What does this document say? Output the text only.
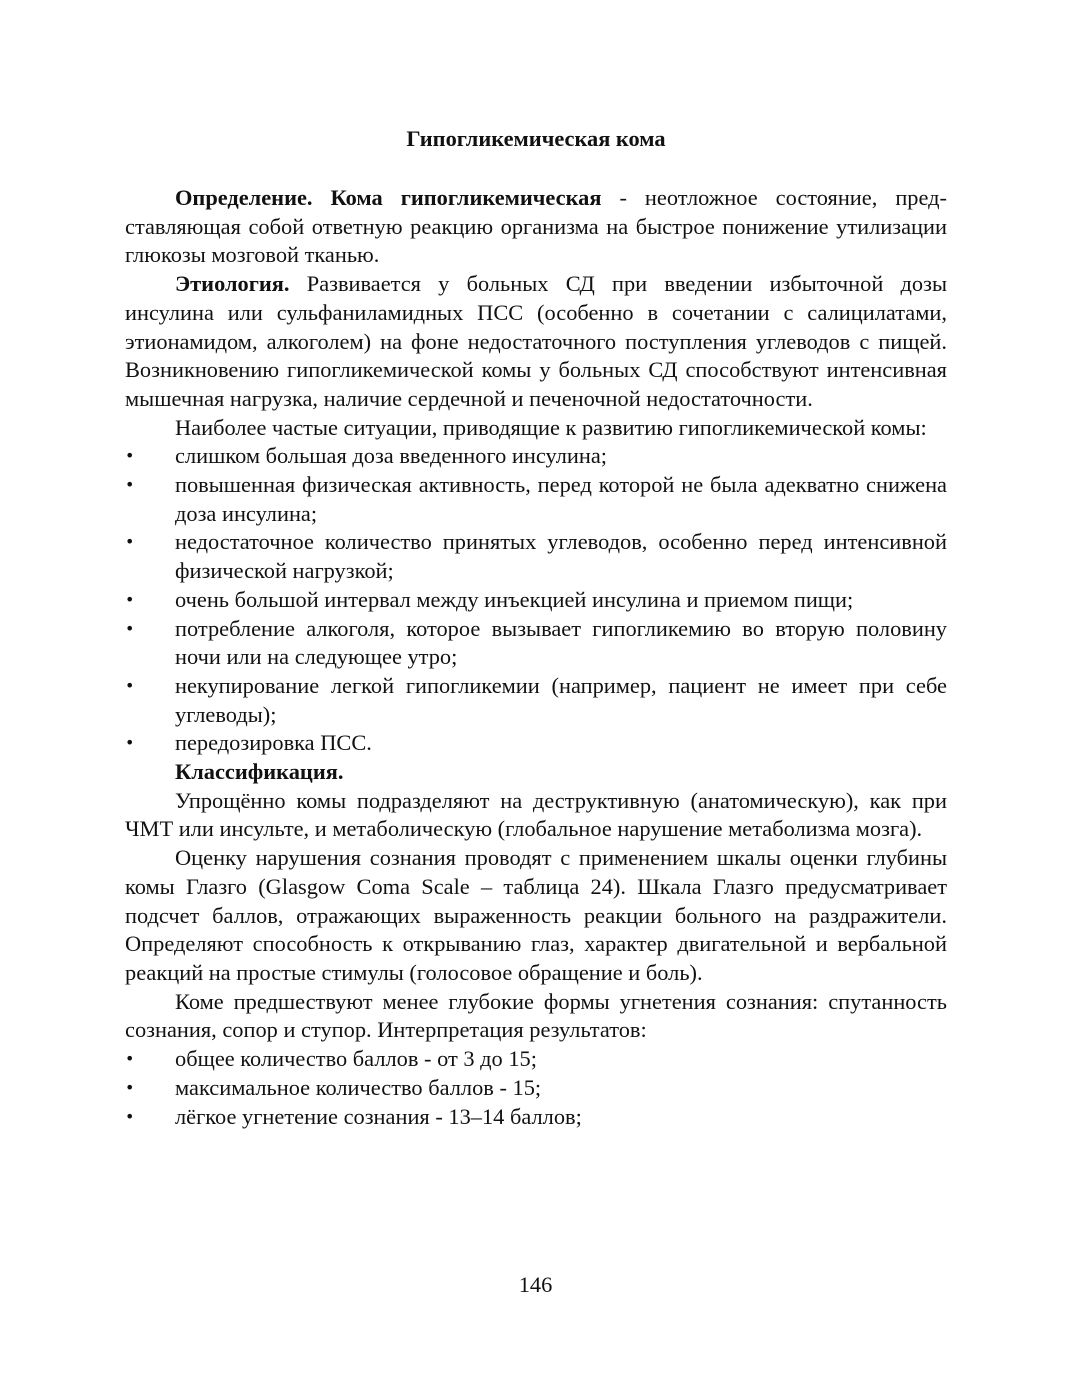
Гипогликемическая кома

Определение. Кома гипогликемическая - неотложное состояние, представляющая собой ответную реакцию организма на быстрое понижение утилизации глюкозы мозговой тканью.

Этиология. Развивается у больных СД при введении избыточной дозы инсулина или сульфаниламидных ПСС (особенно в сочетании с салицилатами, этионамидом, алкоголем) на фоне недостаточного поступления углеводов с пищей. Возникновению гипогликемической комы у больных СД способствуют интенсивная мышечная нагрузка, наличие сердечной и печеночной недостаточности.

Наиболее частые ситуации, приводящие к развитию гипогликемической комы:

• слишком большая доза введенного инсулина;
• повышенная физическая активность, перед которой не была адекватно снижена доза инсулина;
• недостаточное количество принятых углеводов, особенно перед интенсивной физической нагрузкой;
• очень большой интервал между инъекцией инсулина и приемом пищи;
• потребление алкоголя, которое вызывает гипогликемию во вторую половину ночи или на следующее утро;
• некупирование легкой гипогликемии (например, пациент не имеет при себе углеводы);
• передозировка ПСС.

Классификация.

Упрощённо комы подразделяют на деструктивную (анатомическую), как при ЧМТ или инсульте, и метаболическую (глобальное нарушение метаболизма мозга).

Оценку нарушения сознания проводят с применением шкалы оценки глубины комы Глазго (Glasgow Coma Scale – таблица 24). Шкала Глазго предусматривает подсчет баллов, отражающих выраженность реакции больного на раздражители. Определяют способность к открыванию глаз, характер двигательной и вербальной реакций на простые стимулы (голосовое обращение и боль).

Коме предшествуют менее глубокие формы угнетения сознания: спутанность сознания, сопор и ступор. Интерпретация результатов:

• общее количество баллов - от 3 до 15;
• максимальное количество баллов - 15;
• лёгкое угнетение сознания - 13–14 баллов;
146
